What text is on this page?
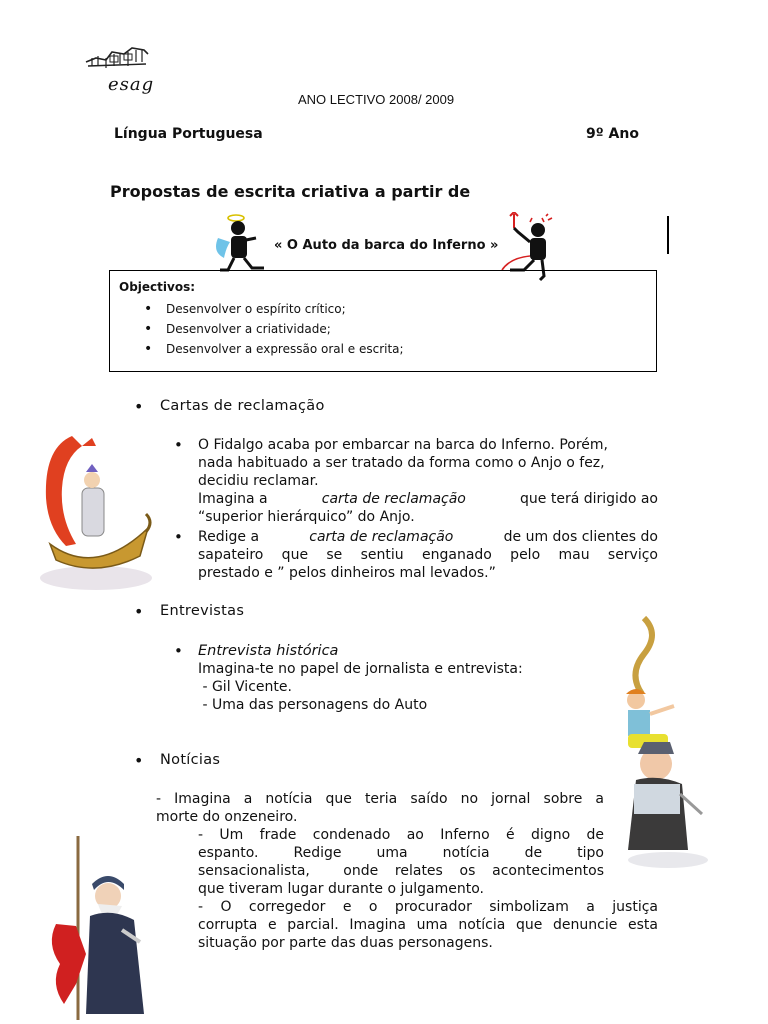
esag
ANO LECTIVO 2008/ 2009
Língua Portuguesa	9º Ano
Propostas de escrita criativa a partir de
« O Auto da barca do Inferno »
Objectivos:
• Desenvolver o espírito crítico;
• Desenvolver a criatividade;
• Desenvolver a expressão oral e escrita;
• Cartas de reclamação
• O Fidalgo acaba por embarcar na barca do Inferno. Porém,
nada habituado a ser tratado da forma como o Anjo o fez,
decidiu reclamar.
Imagina a	carta de reclamação	que terá dirigido ao
“superior hierárquico” do Anjo.
• Redige a	carta de reclamação	de um dos clientes do
sapateiro que se sentiu enganado pelo mau serviço
prestado e ” pelos dinheiros mal levados.”
• Entrevistas
• Entrevista histórica
Imagina-te no papel de jornalista e entrevista:
- Gil Vicente.
- Uma das personagens do Auto
• Notícias
- Imagina a notícia que teria saído no jornal sobre a
morte do onzeneiro.
- Um frade condenado ao Inferno é digno de
espanto.   Redige   uma   notícia   de   tipo
sensacionalista,  onde relates os acontecimentos
que tiveram lugar durante o julgamento.
- O corregedor e o procurador simbolizam a justiça
corrupta e parcial. Imagina uma notícia que denuncie esta
situação por parte das duas personagens.
